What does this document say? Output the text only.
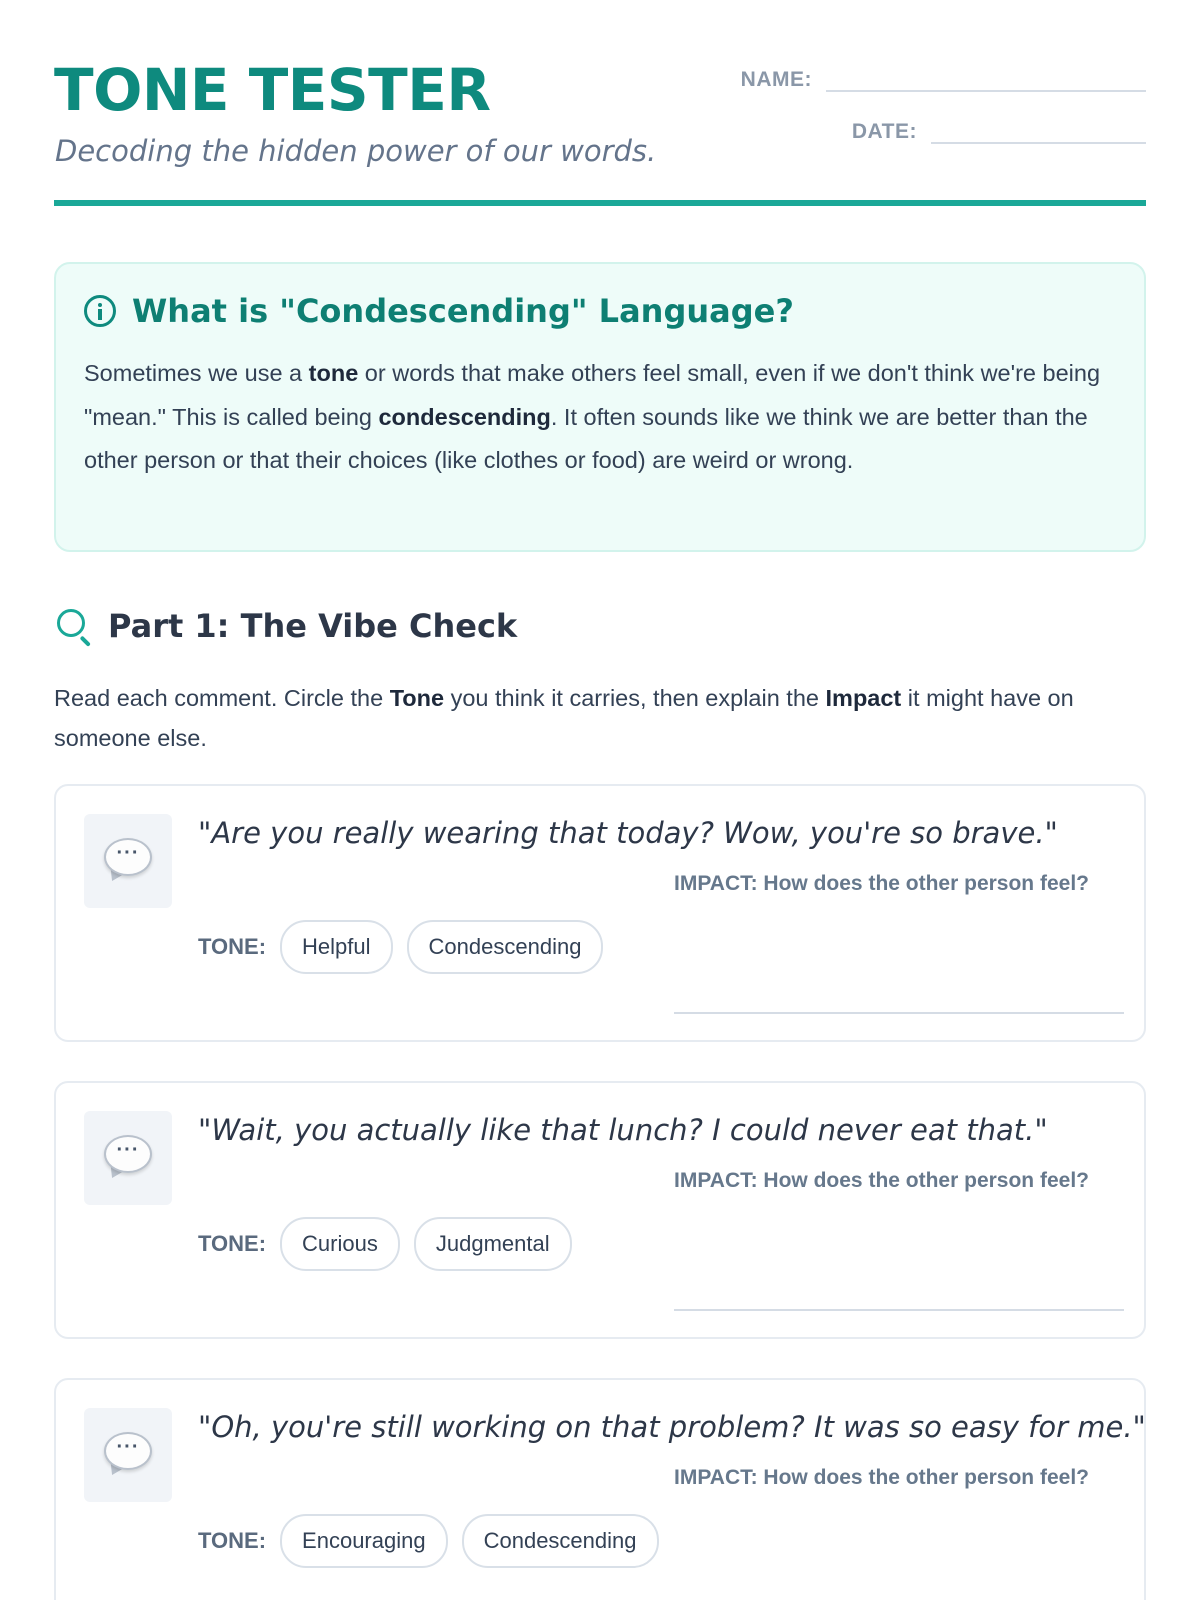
TONE TESTER
Decoding the hidden power of our words.
NAME:
DATE:
What is "Condescending" Language?

Sometimes we use a tone or words that make others feel small, even if we don't think we're being "mean." This is called being condescending. It often sounds like we think we are better than the other person or that their choices (like clothes or food) are weird or wrong.

Part 1: The Vibe Check

Read each comment. Circle the Tone you think it carries, then explain the Impact it might have on someone else.

···
"Are you really wearing that today? Wow, you're so brave."
TONE:	Helpful	Condescending
IMPACT: How does the other person feel?
···
"Wait, you actually like that lunch? I could never eat that."
TONE:	Curious	Judgmental
IMPACT: How does the other person feel?
···
"Oh, you're still working on that problem? It was so easy for me."
TONE:	Encouraging	Condescending
IMPACT: How does the other person feel?
